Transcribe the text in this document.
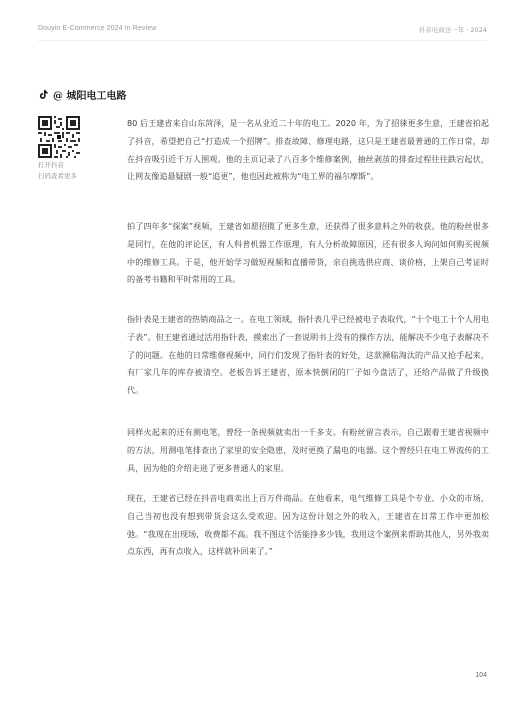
Douyin E-Commerce 2024 In Review	抖音电商这一年 · 2024
@ 城阳电工电路
打开抖音
扫码查看更多

80 后王建省来自山东菏泽，是一名从业近二十年的电工。2020 年，为了招徕更多生意，王建省拍起了抖音，希望把自己“打造成一个招牌”。排查故障、修理电路，这只是王建省最普通的工作日常，却在抖音吸引近千万人围观。他的主页记录了八百多个维修案例，抽丝剥茧的排查过程往往跌宕起伏，让网友像追悬疑剧一般“追更”，他也因此被称为“电工界的福尔摩斯”。

拍了四年多“探案”视频，王建省如愿招揽了更多生意，还获得了很多意料之外的收获。他的粉丝很多是同行，在他的评论区，有人科普机器工作原理，有人分析故障原因，还有很多人询问如何购买视频中的维修工具。于是，他开始学习做短视频和直播带货，亲自挑选供应商、谈价格，上架自己考证时的备考书籍和平时常用的工具。

指针表是王建省的热销商品之一。在电工领域，指针表几乎已经被电子表取代，“十个电工十个人用电子表”。但王建省通过活用指针表，摸索出了一套说明书上没有的操作方法，能解决不少电子表解决不了的问题。在他的日常维修视频中，同行们发现了指针表的好处，这款濒临淘汰的产品又抢手起来，有厂家几年的库存被清空。老板告诉王建省，原本快倒闭的厂子如今盘活了，还给产品做了升级换代。

同样火起来的还有测电笔，曾经一条视频就卖出一千多支。有粉丝留言表示，自己跟着王建省视频中的方法，用测电笔排查出了家里的安全隐患，及时更换了漏电的电器。这个曾经只在电工界流传的工具，因为他的介绍走进了更多普通人的家里。

现在，王建省已经在抖音电商卖出上百万件商品。在他看来，电气维修工具是个专业、小众的市场，自己当初也没有想到带货会这么受欢迎。因为这份计划之外的收入，王建省在日常工作中更加松弛。“我现在出现场，收费都不高。我不图这个活能挣多少钱，我用这个案例来帮助其他人，另外我卖点东西，再有点收入，这样就补回来了。”

104
